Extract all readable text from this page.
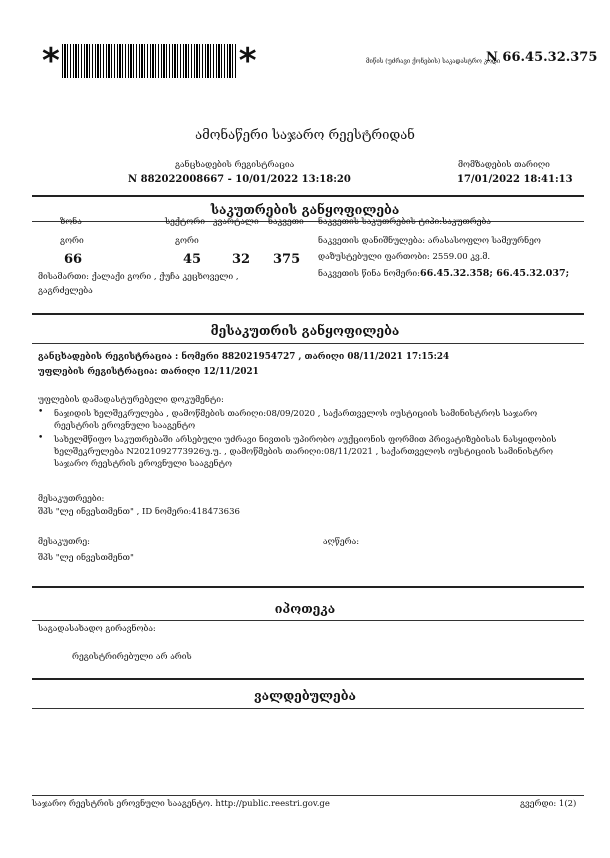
*	*	მიწის (უძრავი ქონების) საკადასტრო კოდი
N 66.45.32.375
ამონაწერი საჯარო რეესტრიდან
განცხადების რეგისტრაცია
N 882022008667 - 10/01/2022 13:18:20
მომზადების თარიღი
17/01/2022 18:41:13
საკუთრების განყოფილება
ზონა	სექტორი კვარტალი ნაკვეთი
გორი	გორი
66	45 32 375
ნაკვეთის საკუთრების ტიპი:საკუთრება
ნაკვეთის დანიშნულება: არასასოფლო სამეურნეო
დაზუსტებული ფართობი: 2559.00 კვ.მ.
ნაკვეთის წინა ნომერი:66.45.32.358; 66.45.32.037;
მისამართი: ქალაქი გორი , ქუჩა კეცხოველი ,
გაგრძელება
მესაკუთრის განყოფილება
განცხადების რეგისტრაცია : ნომერი 882021954727 , თარიღი 08/11/2021 17:15:24
უფლების რეგისტრაცია: თარიღი 12/11/2021
უფლების დამადასტურებელი დოკუმენტი:
• ნაჯიდის ხელშეკრულება , დამოწმების თარიღი:08/09/2020 , საქართველოს იუსტიციის სამინისტროს საჯარო რეესტრის ეროვნული სააგენტო
• სახელმწიფო საკუთრებაში არსებული უძრავი ნივთის უპირობო აუქციონის ფორმით პრივატიზებისას ნასყიდობის ხელშეკრულება N2021092773926უ.უ. , დამოწმების თარიღი:08/11/2021 , საქართველოს იუსტიციის სამინისტრო საჯარო რეესტრის ეროვნული სააგენტო
მესაკუთრეები:
შპს "ლე ინვესთმენთ" , ID ნომერი:418473636
მესაკუთრე:
შპს "ლე ინვესთმენთ"
აღწერა:
იპოთეკა
საგადასახადო გირავნობა:
რეგისტრირებული არ არის
ვალდებულება
საჯარო რეესტრის ეროვნული სააგენტო. http://public.reestri.gov.ge	გვერდი: 1(2)
